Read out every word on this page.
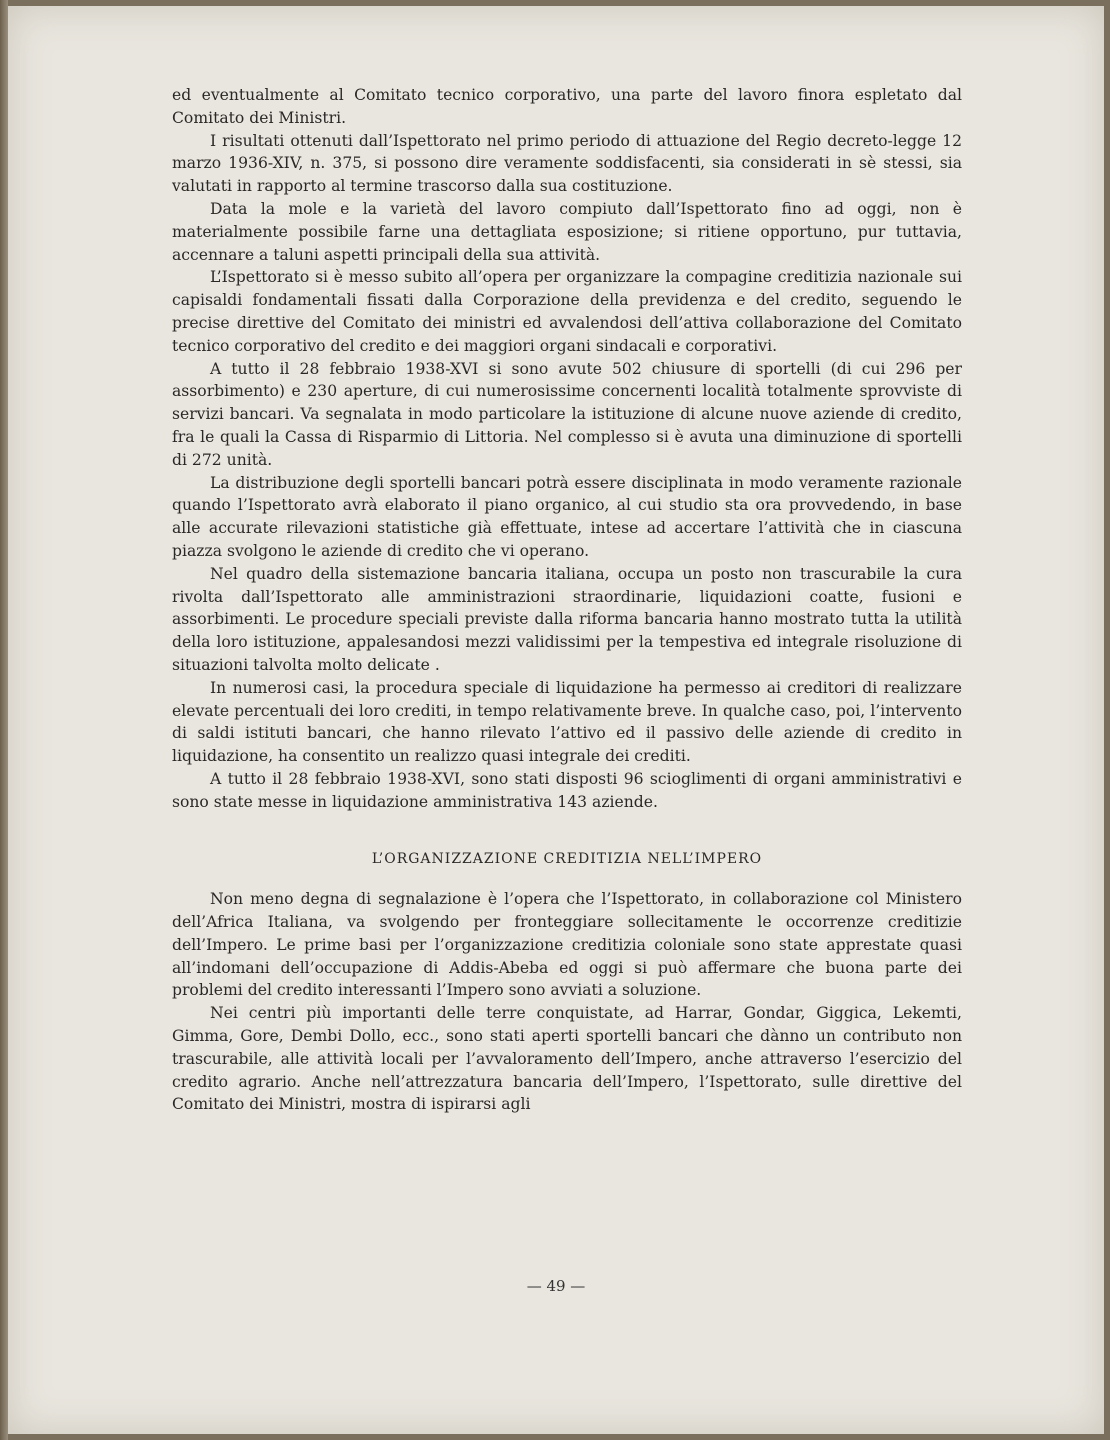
ed eventualmente al Comitato tecnico corporativo, una parte del lavoro finora espletato dal Comitato dei Ministri.

I risultati ottenuti dall’Ispettorato nel primo periodo di attuazione del Regio decreto-legge 12 marzo 1936-XIV, n. 375, si possono dire veramente soddisfacenti, sia considerati in sè stessi, sia valutati in rapporto al termine trascorso dalla sua costituzione.

Data la mole e la varietà del lavoro compiuto dall’Ispettorato fino ad oggi, non è materialmente possibile farne una dettagliata esposizione; si ritiene opportuno, pur tuttavia, accennare a taluni aspetti principali della sua attività.

L’Ispettorato si è messo subito all’opera per organizzare la compagine creditizia nazionale sui capisaldi fondamentali fissati dalla Corporazione della previdenza e del credito, seguendo le precise direttive del Comitato dei ministri ed avvalendosi dell’attiva collaborazione del Comitato tecnico corporativo del credito e dei maggiori organi sindacali e corporativi.

A tutto il 28 febbraio 1938-XVI si sono avute 502 chiusure di sportelli (di cui 296 per assorbimento) e 230 aperture, di cui numerosissime concernenti località totalmente sprovviste di servizi bancari. Va segnalata in modo particolare la istituzione di alcune nuove aziende di credito, fra le quali la Cassa di Risparmio di Littoria. Nel complesso si è avuta una diminuzione di sportelli di 272 unità.

La distribuzione degli sportelli bancari potrà essere disciplinata in modo veramente razionale quando l’Ispettorato avrà elaborato il piano organico, al cui studio sta ora provvedendo, in base alle accurate rilevazioni statistiche già effettuate, intese ad accertare l’attività che in ciascuna piazza svolgono le aziende di credito che vi operano.

Nel quadro della sistemazione bancaria italiana, occupa un posto non trascurabile la cura rivolta dall’Ispettorato alle amministrazioni straordinarie, liquidazioni coatte, fusioni e assorbimenti. Le procedure speciali previste dalla riforma bancaria hanno mostrato tutta la utilità della loro istituzione, appalesandosi mezzi validissimi per la tempestiva ed integrale risoluzione di situazioni talvolta molto delicate .

In numerosi casi, la procedura speciale di liquidazione ha permesso ai creditori di realizzare elevate percentuali dei loro crediti, in tempo relativamente breve. In qualche caso, poi, l’intervento di saldi istituti bancari, che hanno rilevato l’attivo ed il passivo delle aziende di credito in liquidazione, ha consentito un realizzo quasi integrale dei crediti.

A tutto il 28 febbraio 1938-XVI, sono stati disposti 96 scioglimenti di organi amministrativi e sono state messe in liquidazione amministrativa 143 aziende.

L’ORGANIZZAZIONE CREDITIZIA NELL’IMPERO

Non meno degna di segnalazione è l’opera che l’Ispettorato, in collaborazione col Ministero dell’Africa Italiana, va svolgendo per fronteggiare sollecitamente le occorrenze creditizie dell’Impero. Le prime basi per l’organizzazione creditizia coloniale sono state apprestate quasi all’indomani dell’occupazione di Addis-Abeba ed oggi si può affermare che buona parte dei problemi del credito interessanti l’Impero sono avviati a soluzione.

Nei centri più importanti delle terre conquistate, ad Harrar, Gondar, Giggica, Lekemti, Gimma, Gore, Dembi Dollo, ecc., sono stati aperti sportelli bancari che dànno un contributo non trascurabile, alle attività locali per l’avvaloramento dell’Impero, anche attraverso l’esercizio del credito agrario. Anche nell’attrezzatura bancaria dell’Impero, l’Ispettorato, sulle direttive del Comitato dei Ministri, mostra di ispirarsi agli

— 49 —
